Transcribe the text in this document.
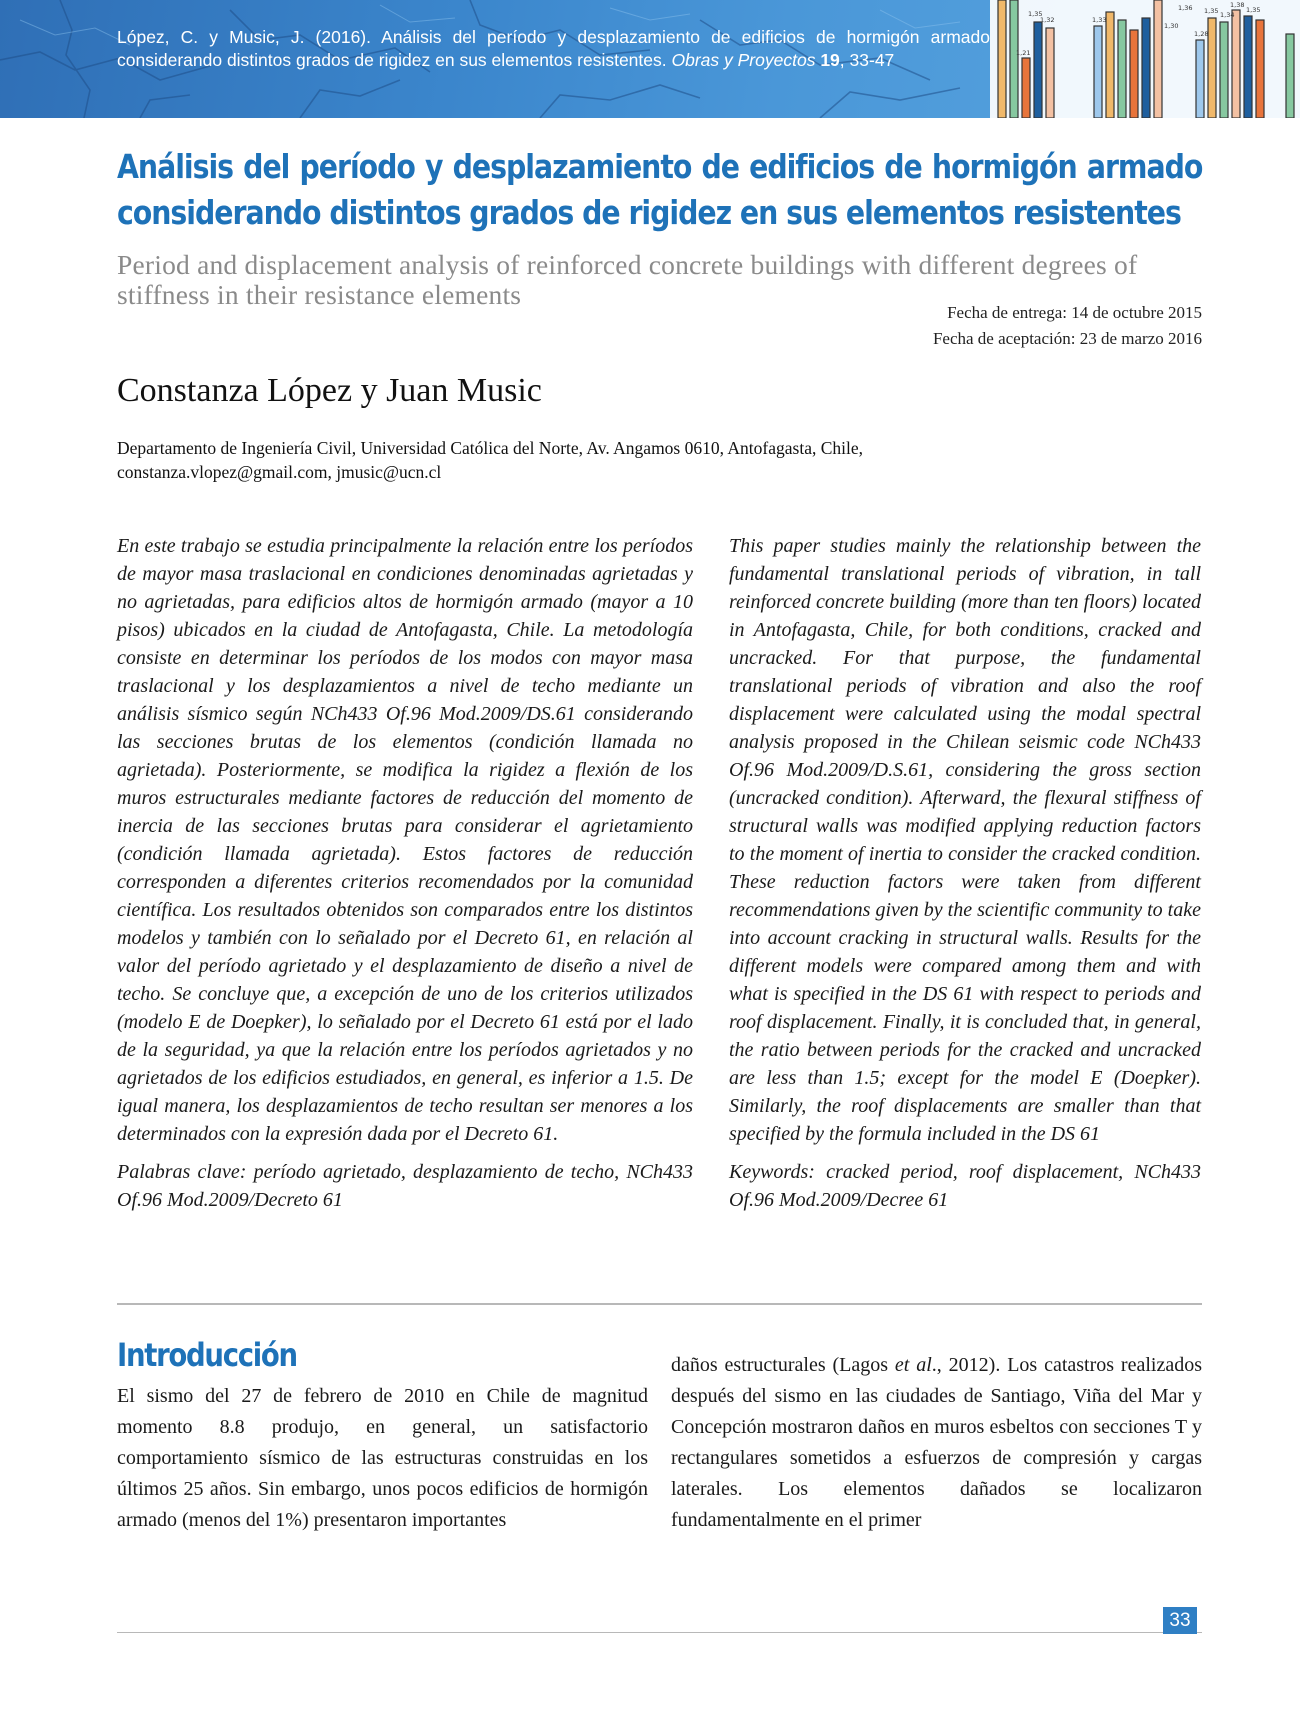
López, C. y Music, J. (2016). Análisis del período y desplazamiento de edificios de hormigón armado considerando distintos grados de rigidez en sus elementos resistentes. Obras y Proyectos 19, 33-47	1,21
1,35
1,32	1,33
1,30
1,36
1,28
1,35 1,34
1,38
1,35
Análisis del período y desplazamiento de edificios de hormigón armado considerando distintos grados de rigidez en sus elementos resistentes
Period and displacement analysis of reinforced concrete buildings with different degrees of stiffness in their resistance elements
Fecha de entrega: 14 de octubre 2015
Fecha de aceptación: 23 de marzo 2016
Constanza López y Juan Music
Departamento de Ingeniería Civil, Universidad Católica del Norte, Av. Angamos 0610, Antofagasta, Chile,
constanza.vlopez@gmail.com, jmusic@ucn.cl

En este trabajo se estudia principalmente la relación entre los períodos de mayor masa traslacional en condiciones denominadas agrietadas y no agrietadas, para edificios altos de hormigón armado (mayor a 10 pisos) ubicados en la ciudad de Antofagasta, Chile. La metodología consiste en determinar los períodos de los modos con mayor masa traslacional y los desplazamientos a nivel de techo mediante un análisis sísmico según NCh433 Of.96 Mod.2009/DS.61 considerando las secciones brutas de los elementos (condición llamada no agrietada). Posteriormente, se modifica la rigidez a flexión de los muros estructurales mediante factores de reducción del momento de inercia de las secciones brutas para considerar el agrietamiento (condición llamada agrietada). Estos factores de reducción corresponden a diferentes criterios recomendados por la comunidad científica. Los resultados obtenidos son comparados entre los distintos modelos y también con lo señalado por el Decreto 61, en relación al valor del período agrietado y el desplazamiento de diseño a nivel de techo. Se concluye que, a excepción de uno de los criterios utilizados (modelo E de Doepker), lo señalado por el Decreto 61 está por el lado de la seguridad, ya que la relación entre los períodos agrietados y no agrietados de los edificios estudiados, en general, es inferior a 1.5. De igual manera, los desplazamientos de techo resultan ser menores a los determinados con la expresión dada por el Decreto 61.

Palabras clave: período agrietado, desplazamiento de techo, NCh433 Of.96 Mod.2009/Decreto 61

This paper studies mainly the relationship between the fundamental translational periods of vibration, in tall reinforced concrete building (more than ten floors) located in Antofagasta, Chile, for both conditions, cracked and uncracked. For that purpose, the fundamental translational periods of vibration and also the roof displacement were calculated using the modal spectral analysis proposed in the Chilean seismic code NCh433 Of.96 Mod.2009/D.S.61, considering the gross section (uncracked condition). Afterward, the flexural stiffness of structural walls was modified applying reduction factors to the moment of inertia to consider the cracked condition. These reduction factors were taken from different recommendations given by the scientific community to take into account cracking in structural walls. Results for the different models were compared among them and with what is specified in the DS 61 with respect to periods and roof displacement. Finally, it is concluded that, in general, the ratio between periods for the cracked and uncracked are less than 1.5; except for the model E (Doepker). Similarly, the roof displacements are smaller than that specified by the formula included in the DS 61

Keywords: cracked period, roof displacement, NCh433 Of.96 Mod.2009/Decree 61

Introducción

El sismo del 27 de febrero de 2010 en Chile de magnitud momento 8.8 produjo, en general, un satisfactorio comportamiento sísmico de las estructuras construidas en los últimos 25 años. Sin embargo, unos pocos edificios de hormigón armado (menos del 1%) presentaron importantes

daños estructurales (Lagos et al., 2012). Los catastros realizados después del sismo en las ciudades de Santiago, Viña del Mar y Concepción mostraron daños en muros esbeltos con secciones T y rectangulares sometidos a esfuerzos de compresión y cargas laterales. Los elementos dañados se localizaron fundamentalmente en el primer

33
